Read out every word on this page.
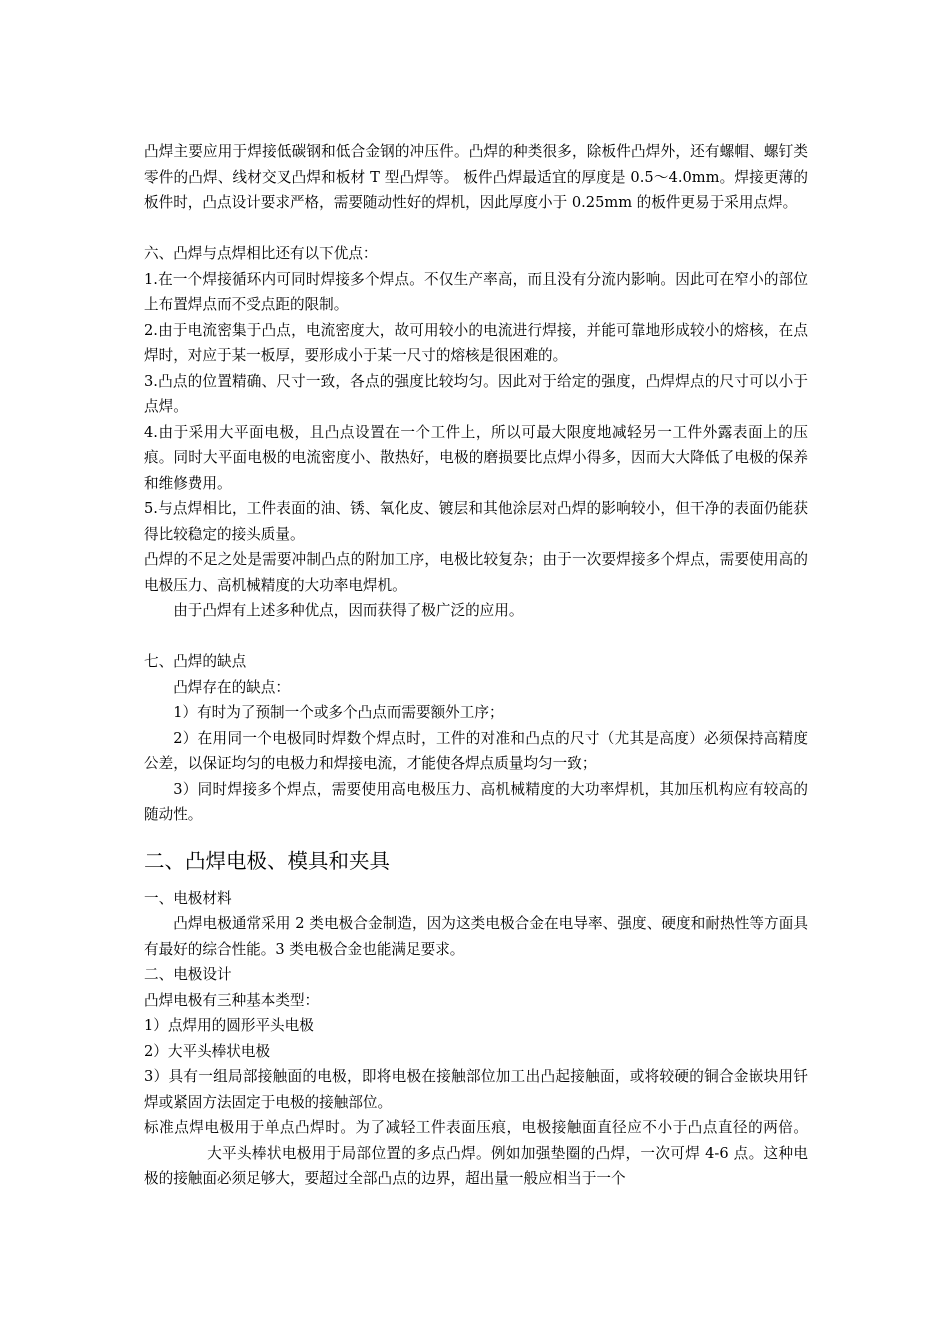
凸焊主要应用于焊接低碳钢和低合金钢的冲压件。凸焊的种类很多，除板件凸焊外，还有螺帽、螺钉类零件的凸焊、线材交叉凸焊和板材 T 型凸焊等。 板件凸焊最适宜的厚度是 0.5～4.0mm。焊接更薄的板件时，凸点设计要求严格，需要随动性好的焊机，因此厚度小于 0.25mm 的板件更易于采用点焊。

六、凸焊与点焊相比还有以下优点：

1.在一个焊接循环内可同时焊接多个焊点。不仅生产率高，而且没有分流内影响。因此可在窄小的部位上布置焊点而不受点距的限制。

2.由于电流密集于凸点，电流密度大，故可用较小的电流进行焊接，并能可靠地形成较小的熔核，在点焊时，对应于某一板厚，要形成小于某一尺寸的熔核是很困难的。

3.凸点的位置精确、尺寸一致，各点的强度比较均匀。因此对于给定的强度，凸焊焊点的尺寸可以小于点焊。

4.由于采用大平面电极，且凸点设置在一个工件上，所以可最大限度地减轻另一工件外露表面上的压痕。同时大平面电极的电流密度小、散热好，电极的磨损要比点焊小得多，因而大大降低了电极的保养和维修费用。

5.与点焊相比，工件表面的油、锈、氧化皮、镀层和其他涂层对凸焊的影响较小，但干净的表面仍能获得比较稳定的接头质量。

凸焊的不足之处是需要冲制凸点的附加工序，电极比较复杂；由于一次要焊接多个焊点，需要使用高的电极压力、高机械精度的大功率电焊机。

由于凸焊有上述多种优点，因而获得了极广泛的应用。

七、凸焊的缺点

凸焊存在的缺点：

1）有时为了预制一个或多个凸点而需要额外工序；

2）在用同一个电极同时焊数个焊点时，工件的对准和凸点的尺寸（尤其是高度）必须保持高精度公差，以保证均匀的电极力和焊接电流，才能使各焊点质量均匀一致；

3）同时焊接多个焊点，需要使用高电极压力、高机械精度的大功率焊机，其加压机构应有较高的随动性。

二、凸焊电极、模具和夹具

一、电极材料

凸焊电极通常采用 2 类电极合金制造，因为这类电极合金在电导率、强度、硬度和耐热性等方面具有最好的综合性能。3 类电极合金也能满足要求。

二、电极设计

凸焊电极有三种基本类型：

1）点焊用的圆形平头电极

2）大平头棒状电极

3）具有一组局部接触面的电极，即将电极在接触部位加工出凸起接触面，或将较硬的铜合金嵌块用钎焊或紧固方法固定于电极的接触部位。

标准点焊电极用于单点凸焊时。为了减轻工件表面压痕，电极接触面直径应不小于凸点直径的两倍。大平头棒状电极用于局部位置的多点凸焊。例如加强垫圈的凸焊，一次可焊 4-6 点。这种电极的接触面必须足够大，要超过全部凸点的边界，超出量一般应相当于一个
